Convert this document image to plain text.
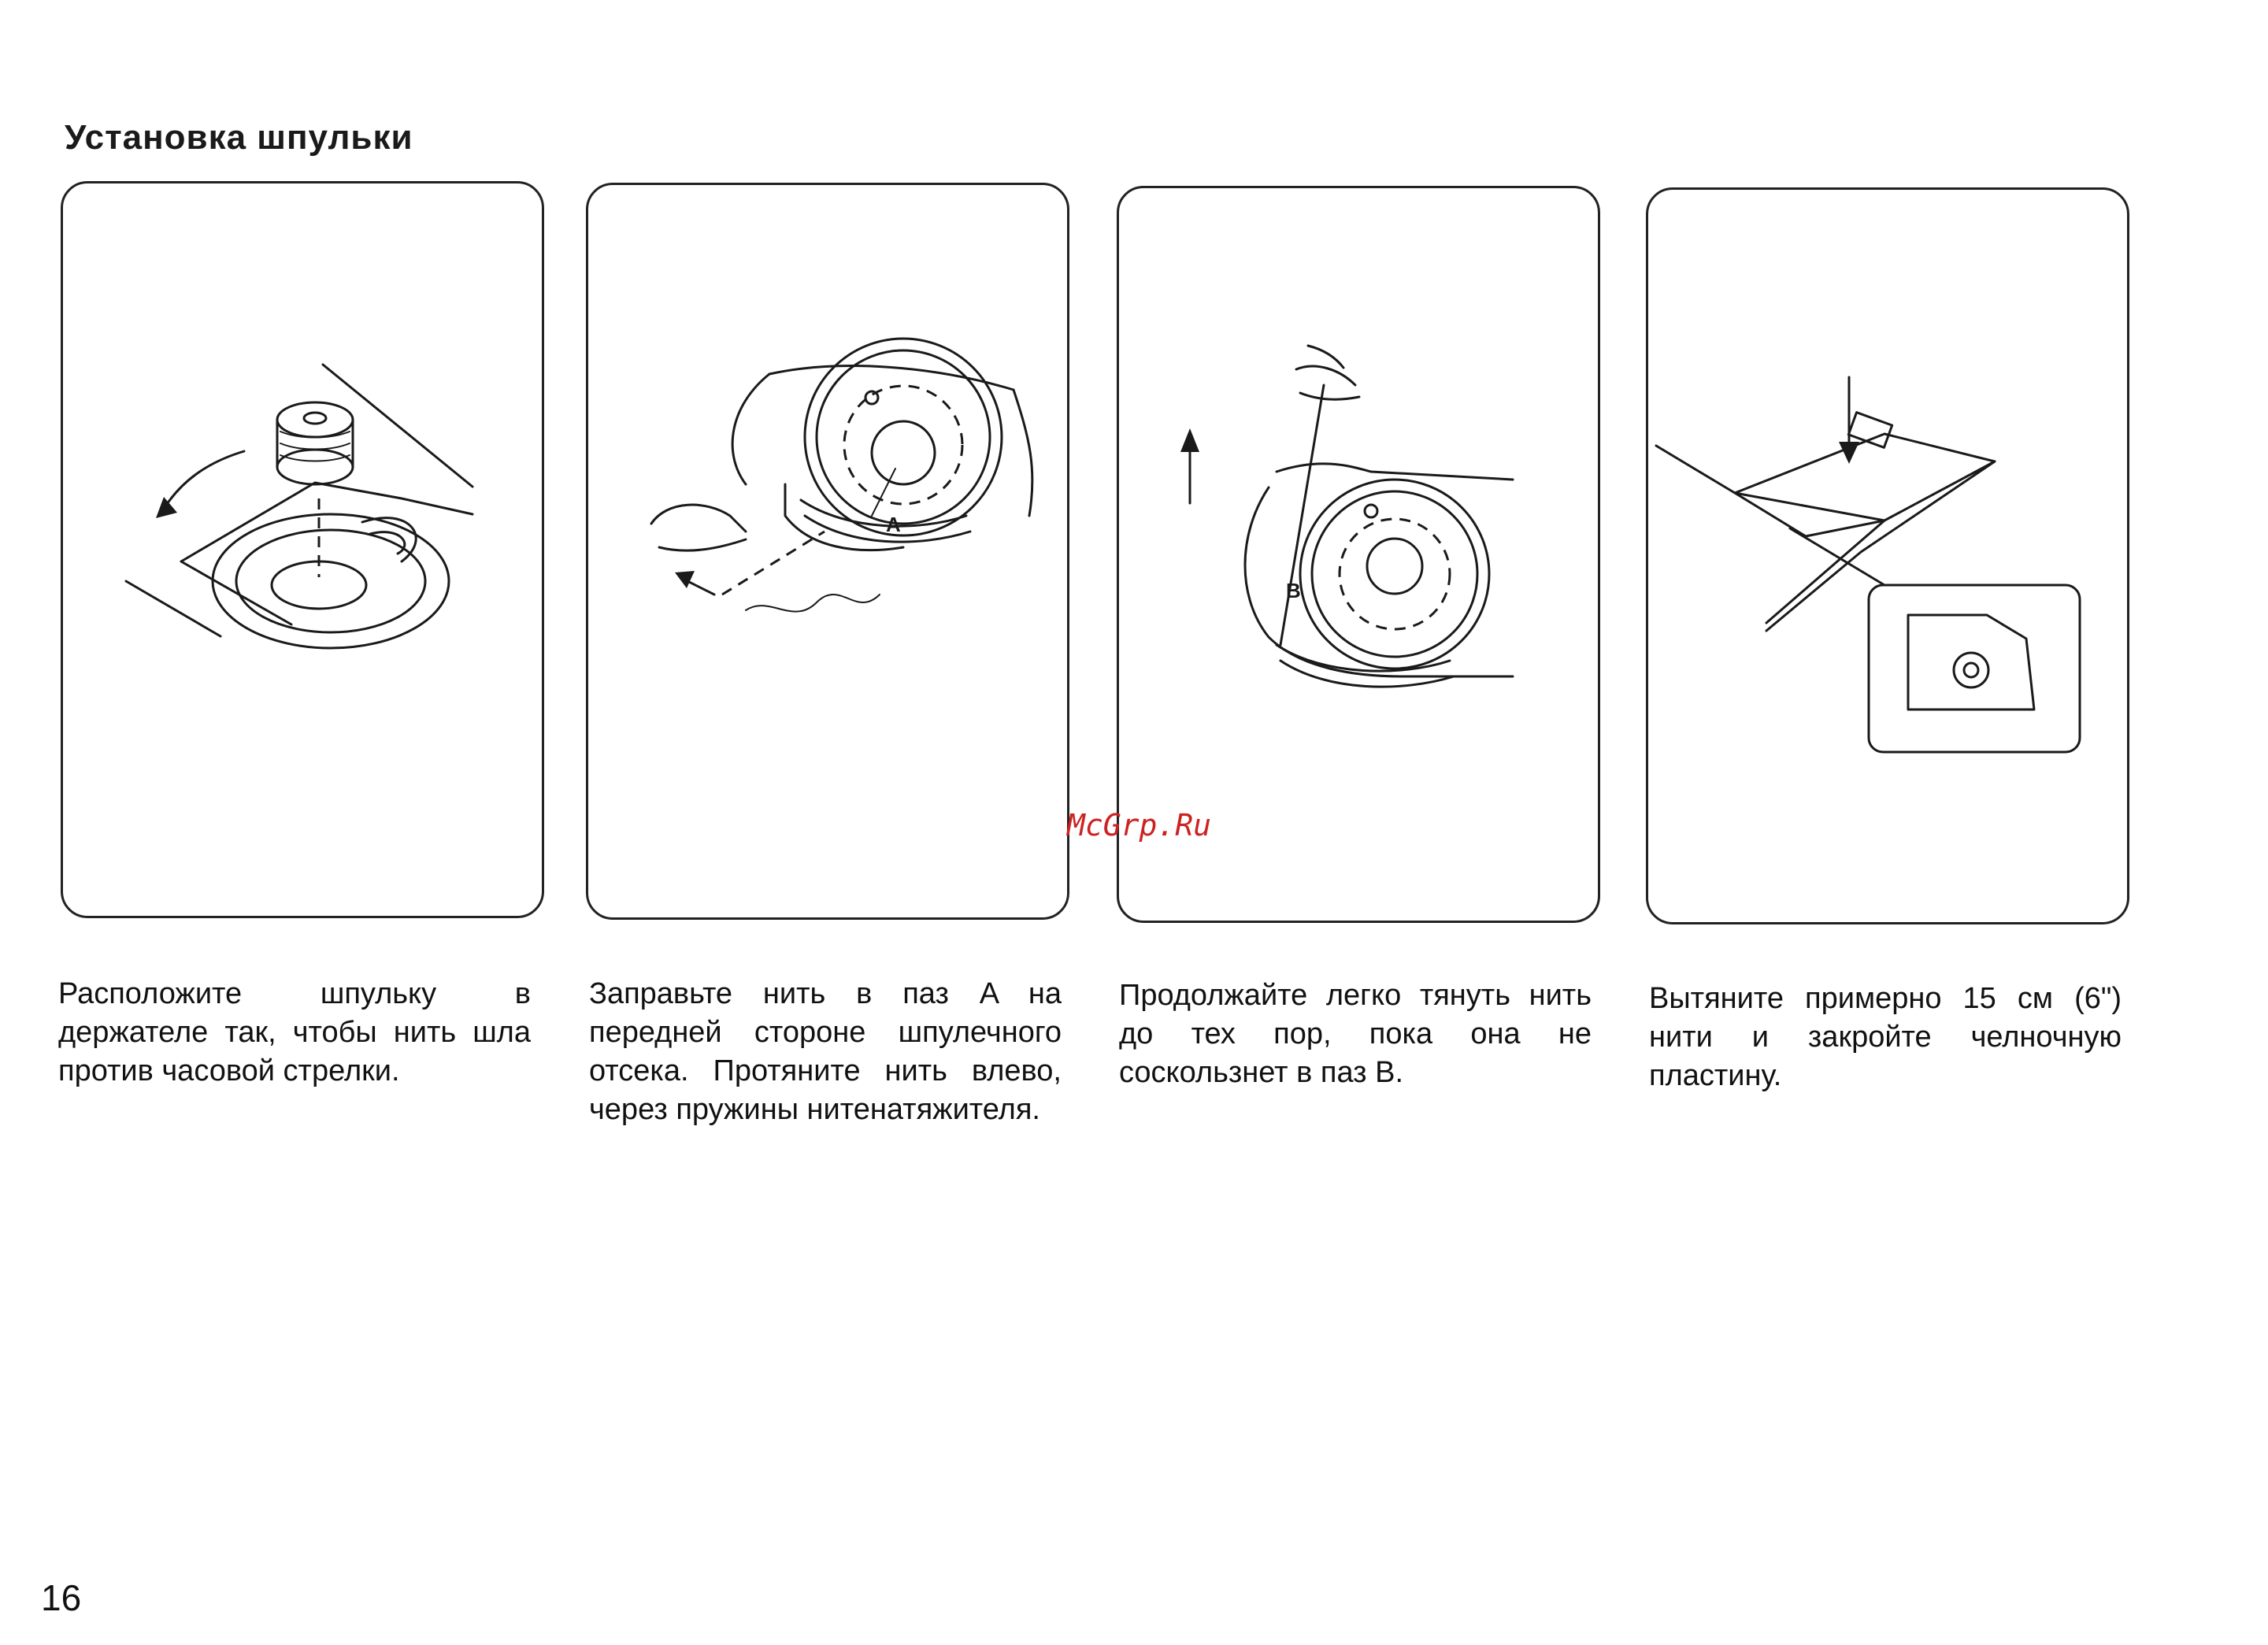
Установка шпульки
A
B
Расположите шпульку в держателе так, чтобы нить шла против часовой стрелки.
Заправьте нить в паз A на передней стороне шпулечного отсека. Протяните нить влево, через пружины нитенатяжителя.
Продолжайте легко тянуть нить до тех пор, пока она не соскользнет в паз B.
Вытяните примерно 15 см (6") нити и закройте челночную пластину.
McGrp.Ru
16
